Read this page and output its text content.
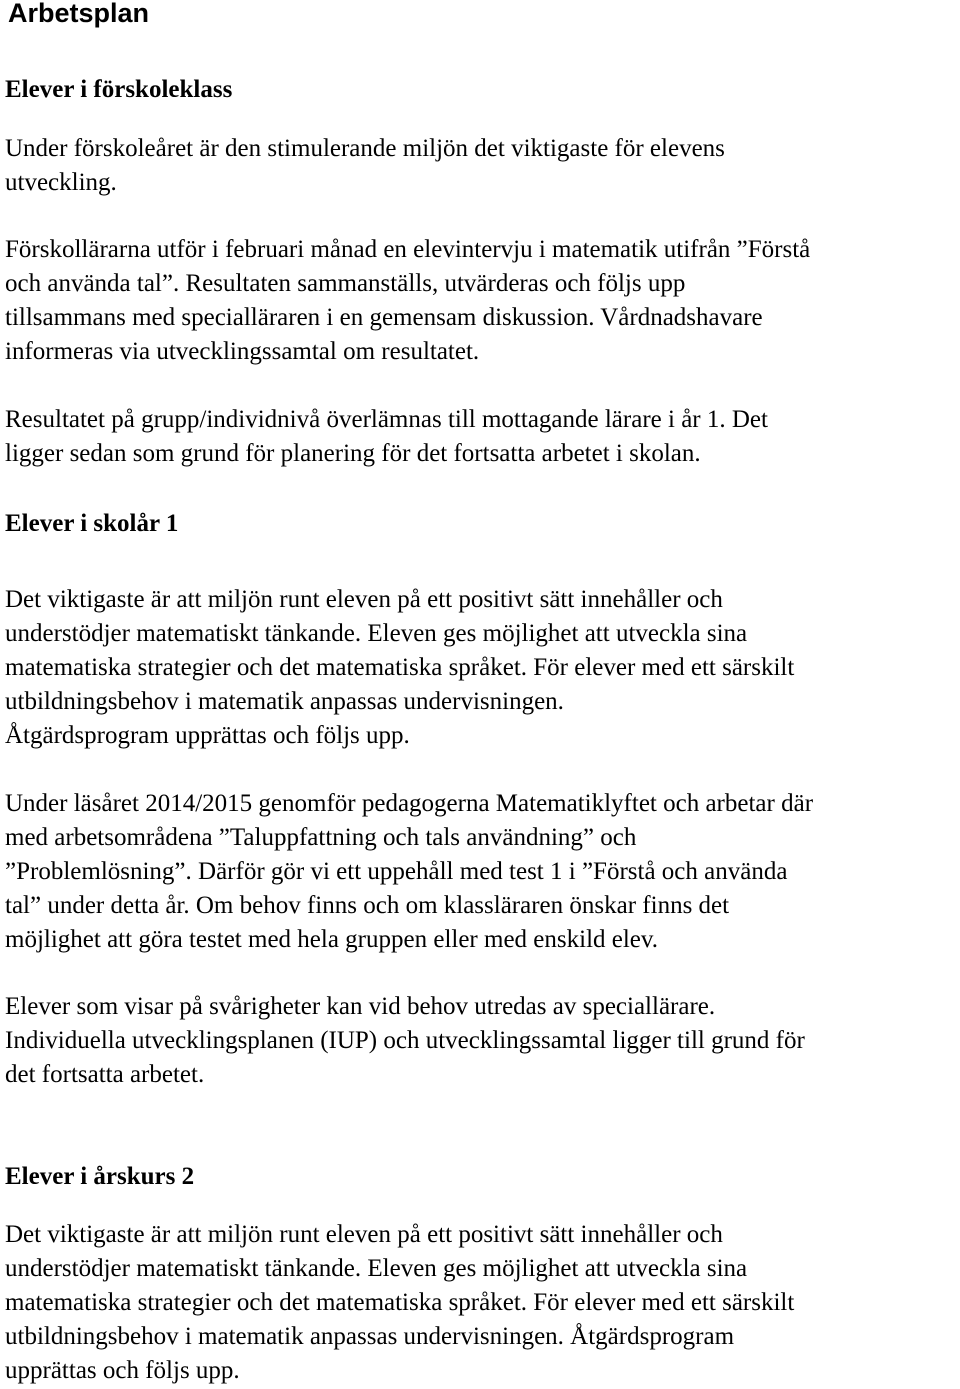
Arbetsplan
Elever i förskoleklass

Under förskoleåret är den stimulerande miljön det viktigaste för elevens
utveckling.

Förskollärarna utför i februari månad en elevintervju i matematik utifrån ”Förstå
och använda tal”. Resultaten sammanställs, utvärderas och följs upp
tillsammans med specialläraren i en gemensam diskussion. Vårdnadshavare
informeras via utvecklingssamtal om resultatet.

Resultatet på grupp/individnivå överlämnas till mottagande lärare i år 1. Det
ligger sedan som grund för planering för det fortsatta arbetet i skolan.

Elever i skolår 1

Det viktigaste är att miljön runt eleven på ett positivt sätt innehåller och
understödjer matematiskt tänkande. Eleven ges möjlighet att utveckla sina
matematiska strategier och det matematiska språket. För elever med ett särskilt
utbildningsbehov i matematik anpassas undervisningen.
Åtgärdsprogram upprättas och följs upp.

Under läsåret 2014/2015 genomför pedagogerna Matematiklyftet och arbetar där
med arbetsområdena ”Taluppfattning och tals användning” och
”Problemlösning”. Därför gör vi ett uppehåll med test 1 i ”Förstå och använda
tal” under detta år. Om behov finns och om klassläraren önskar finns det
möjlighet att göra testet med hela gruppen eller med enskild elev.

Elever som visar på svårigheter kan vid behov utredas av speciallärare.
Individuella utvecklingsplanen (IUP) och utvecklingssamtal ligger till grund för
det fortsatta arbetet.

Elever i årskurs 2

Det viktigaste är att miljön runt eleven på ett positivt sätt innehåller och
understödjer matematiskt tänkande. Eleven ges möjlighet att utveckla sina
matematiska strategier och det matematiska språket. För elever med ett särskilt
utbildningsbehov i matematik anpassas undervisningen. Åtgärdsprogram
upprättas och följs upp.
